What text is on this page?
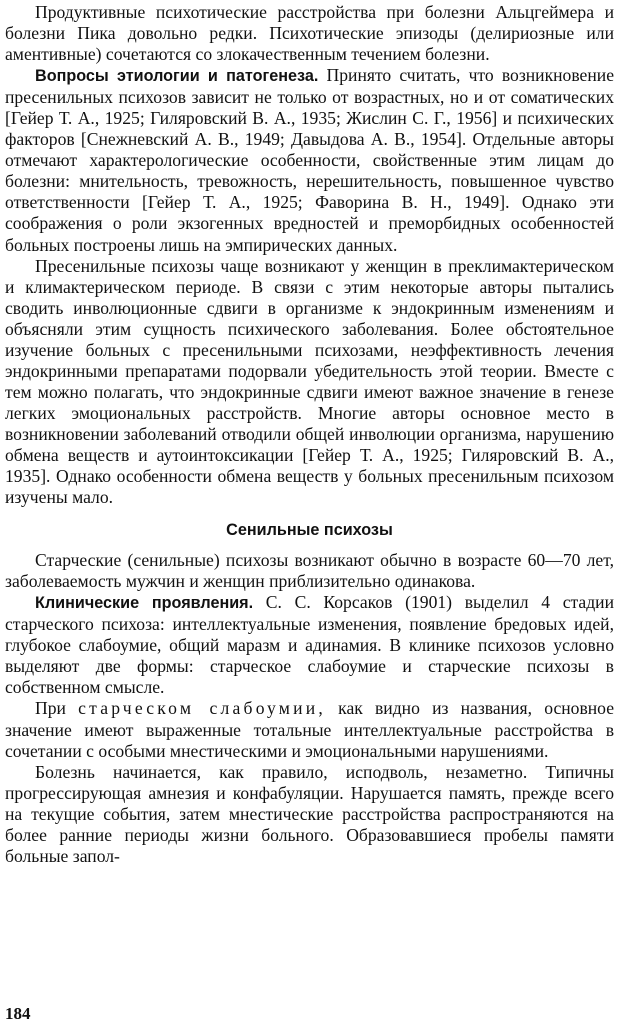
Продуктивные психотические расстройства при болезни Альцгеймера и болезни Пика довольно редки. Психотические эпизоды (делириозные или аментивные) сочетаются со злокачественным течением болезни.

Вопросы этиологии и патогенеза. Принято считать, что возникновение пресенильных психозов зависит не только от возрастных, но и от соматических [Гейер Т. А., 1925; Гиляровский В. А., 1935; Жислин С. Г., 1956] и психических факторов [Снежневский А. В., 1949; Давыдова А. В., 1954]. Отдельные авторы отмечают характерологические особенности, свойственные этим лицам до болезни: мнительность, тревожность, нерешительность, повышенное чувство ответственности [Гейер Т. А., 1925; Фаворина В. Н., 1949]. Однако эти соображения о роли экзогенных вредностей и преморбидных особенностей больных построены лишь на эмпирических данных.

Пресенильные психозы чаще возникают у женщин в преклимактерическом и климактерическом периоде. В связи с этим некоторые авторы пытались сводить инволюционные сдвиги в организме к эндокринным изменениям и объясняли этим сущность психического заболевания. Более обстоятельное изучение больных с пресенильными психозами, неэффективность лечения эндокринными препаратами подорвали убедительность этой теории. Вместе с тем можно полагать, что эндокринные сдвиги имеют важное значение в генезе легких эмоциональных расстройств. Многие авторы основное место в возникновении заболеваний отводили общей инволюции организма, нарушению обмена веществ и аутоинтоксикации [Гейер Т. А., 1925; Гиляровский В. А., 1935]. Однако особенности обмена веществ у больных пресенильным психозом изучены мало.

Сенильные психозы

Старческие (сенильные) психозы возникают обычно в возрасте 60—70 лет, заболеваемость мужчин и женщин приблизительно одинакова.

Клинические проявления. С. С. Корсаков (1901) выделил 4 стадии старческого психоза: интеллектуальные изменения, появление бредовых идей, глубокое слабоумие, общий маразм и адинамия. В клинике психозов условно выделяют две формы: старческое слабоумие и старческие психозы в собственном смысле.

При старческом слабоумии, как видно из названия, основное значение имеют выраженные тотальные интеллектуальные расстройства в сочетании с особыми мнестическими и эмоциональными нарушениями.

Болезнь начинается, как правило, исподволь, незаметно. Типичны прогрессирующая амнезия и конфабуляции. Нарушается память, прежде всего на текущие события, затем мнестические расстройства распространяются на более ранние периоды жизни больного. Образовавшиеся пробелы памяти больные запол-

184
